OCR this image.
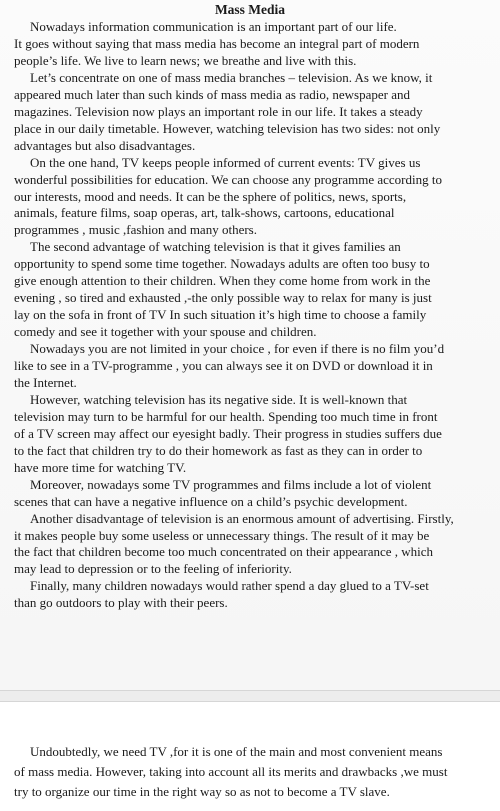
Mass Media
Nowadays information communication is an important part of our life.
It goes without saying that mass media has become an integral part of modern
people’s life. We live to learn news; we breathe and live with this.
Let’s concentrate on one of mass media branches – television. As we know, it
appeared much later than such kinds of mass media as radio, newspaper and
magazines. Television now plays an important role in our life. It takes a steady
place in our daily timetable. However, watching television has two sides: not only
advantages but also disadvantages.
On the one hand, TV keeps people informed of current events: TV gives us
wonderful possibilities for education. We can choose any programme according to
our interests, mood and needs. It can be the sphere of politics, news, sports,
animals, feature films, soap operas, art, talk-shows, cartoons, educational
programmes , music ,fashion and many others.
The second advantage of watching television is that it gives families an
opportunity to spend some time together. Nowadays adults are often too busy to
give enough attention to their children. When they come home from work in the
evening , so tired and exhausted ,-the only possible way to relax for many is just
lay on the sofa in front of TV In such situation it’s high time to choose a family
comedy and see it together with your spouse and children.
Nowadays you are not limited in your choice , for even if there is no film you’d
like to see in a TV-programme , you can always see it on DVD or download it in
the Internet.
However, watching television has its negative side. It is well-known that
television may turn to be harmful for our health. Spending too much time in front
of a TV screen may affect our eyesight badly. Their progress in studies suffers due
to the fact that children try to do their homework as fast as they can in order to
have more time for watching TV.
Moreover, nowadays some TV programmes and films include a lot of violent
scenes that can have a negative influence on a child’s psychic development.
Another disadvantage of television is an enormous amount of advertising. Firstly,
it makes people buy some useless or unnecessary things. The result of it may be
the fact that children become too much concentrated on their appearance , which
may lead to depression or to the feeling of inferiority.
Finally, many children nowadays would rather spend a day glued to a TV-set
than go outdoors to play with their peers.
Undoubtedly, we need TV ,for it is one of the main and most convenient means
of mass media. However, taking into account all its merits and drawbacks ,we must
try to organize our time in the right way so as not to become a TV slave.
